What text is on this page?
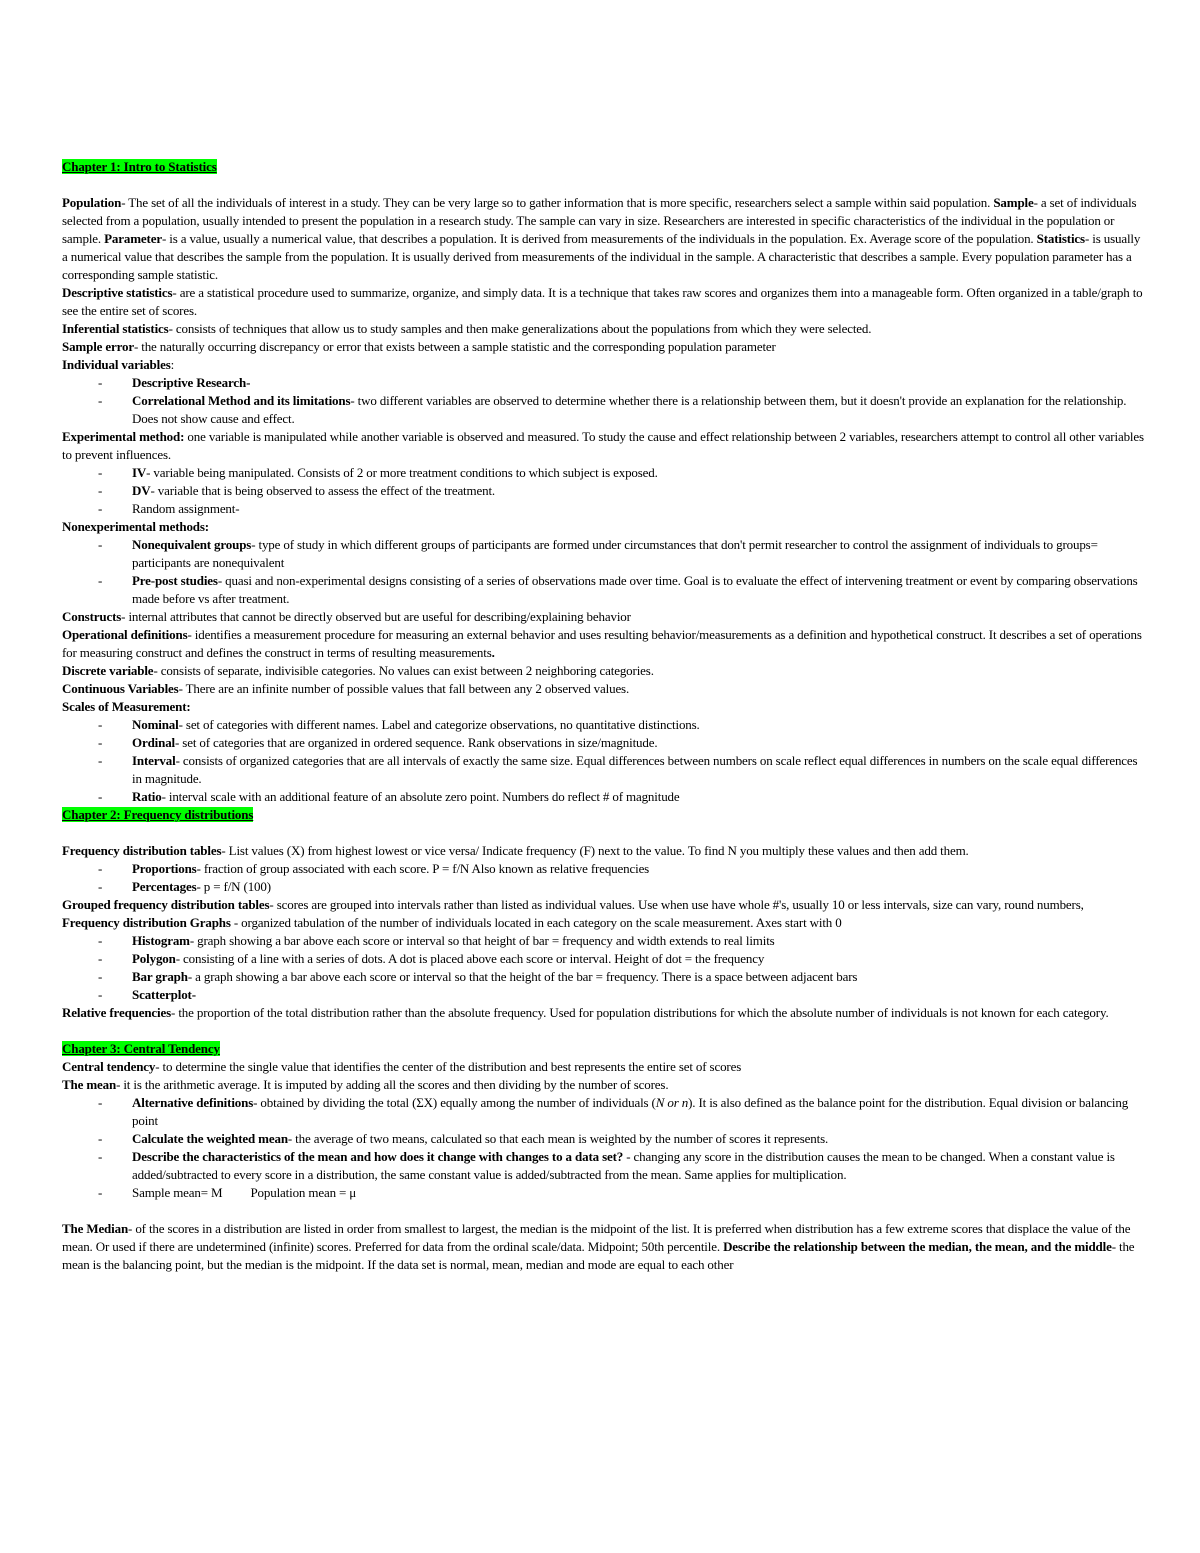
Chapter 1: Intro to Statistics

Population- The set of all the individuals of interest in a study. They can be very large so to gather information that is more specific, researchers select a sample within said population. Sample- a set of individuals selected from a population, usually intended to present the population in a research study. The sample can vary in size. Researchers are interested in specific characteristics of the individual in the population or sample. Parameter- is a value, usually a numerical value, that describes a population. It is derived from measurements of the individuals in the population. Ex. Average score of the population. Statistics- is usually a numerical value that describes the sample from the population. It is usually derived from measurements of the individual in the sample. A characteristic that describes a sample. Every population parameter has a corresponding sample statistic.

Descriptive statistics- are a statistical procedure used to summarize, organize, and simply data. It is a technique that takes raw scores and organizes them into a manageable form. Often organized in a table/graph to see the entire set of scores.

Inferential statistics- consists of techniques that allow us to study samples and then make generalizations about the populations from which they were selected.

Sample error- the naturally occurring discrepancy or error that exists between a sample statistic and the corresponding population parameter

Individual variables:

- Descriptive Research-
- Correlational Method and its limitations- two different variables are observed to determine whether there is a relationship between them, but it doesn't provide an explanation for the relationship. Does not show cause and effect.

Experimental method: one variable is manipulated while another variable is observed and measured. To study the cause and effect relationship between 2 variables, researchers attempt to control all other variables to prevent influences.

- IV- variable being manipulated. Consists of 2 or more treatment conditions to which subject is exposed.
- DV- variable that is being observed to assess the effect of the treatment.
- Random assignment-

Nonexperimental methods:

- Nonequivalent groups- type of study in which different groups of participants are formed under circumstances that don't permit researcher to control the assignment of individuals to groups= participants are nonequivalent
- Pre-post studies- quasi and non-experimental designs consisting of a series of observations made over time. Goal is to evaluate the effect of intervening treatment or event by comparing observations made before vs after treatment.

Constructs- internal attributes that cannot be directly observed but are useful for describing/explaining behavior

Operational definitions- identifies a measurement procedure for measuring an external behavior and uses resulting behavior/measurements as a definition and hypothetical construct. It describes a set of operations for measuring construct and defines the construct in terms of resulting measurements.

Discrete variable- consists of separate, indivisible categories. No values can exist between 2 neighboring categories.

Continuous Variables- There are an infinite number of possible values that fall between any 2 observed values.

Scales of Measurement:

- Nominal- set of categories with different names. Label and categorize observations, no quantitative distinctions.
- Ordinal- set of categories that are organized in ordered sequence. Rank observations in size/magnitude.
- Interval- consists of organized categories that are all intervals of exactly the same size. Equal differences between numbers on scale reflect equal differences in numbers on the scale equal differences in magnitude.
- Ratio- interval scale with an additional feature of an absolute zero point. Numbers do reflect # of magnitude

Chapter 2: Frequency distributions

Frequency distribution tables- List values (X) from highest lowest or vice versa/ Indicate frequency (F) next to the value. To find N you multiply these values and then add them.

- Proportions- fraction of group associated with each score. P = f/N Also known as relative frequencies
- Percentages- p = f/N (100)

Grouped frequency distribution tables- scores are grouped into intervals rather than listed as individual values. Use when use have whole #'s, usually 10 or less intervals, size can vary, round numbers,

Frequency distribution Graphs - organized tabulation of the number of individuals located in each category on the scale measurement. Axes start with 0

- Histogram- graph showing a bar above each score or interval so that height of bar = frequency and width extends to real limits
- Polygon- consisting of a line with a series of dots. A dot is placed above each score or interval. Height of dot = the frequency
- Bar graph- a graph showing a bar above each score or interval so that the height of the bar = frequency. There is a space between adjacent bars
- Scatterplot-

Relative frequencies- the proportion of the total distribution rather than the absolute frequency. Used for population distributions for which the absolute number of individuals is not known for each category.

Chapter 3: Central Tendency

Central tendency- to determine the single value that identifies the center of the distribution and best represents the entire set of scores

The mean- it is the arithmetic average. It is imputed by adding all the scores and then dividing by the number of scores.

- Alternative definitions- obtained by dividing the total (ΣX) equally among the number of individuals (N or n). It is also defined as the balance point for the distribution. Equal division or balancing point
- Calculate the weighted mean- the average of two means, calculated so that each mean is weighted by the number of scores it represents.
- Describe the characteristics of the mean and how does it change with changes to a data set? - changing any score in the distribution causes the mean to be changed. When a constant value is added/subtracted to every score in a distribution, the same constant value is added/subtracted from the mean. Same applies for multiplication.
- Sample mean= M Population mean = μ

The Median- of the scores in a distribution are listed in order from smallest to largest, the median is the midpoint of the list. It is preferred when distribution has a few extreme scores that displace the value of the mean. Or used if there are undetermined (infinite) scores. Preferred for data from the ordinal scale/data. Midpoint; 50th percentile. Describe the relationship between the median, the mean, and the middle- the mean is the balancing point, but the median is the midpoint. If the data set is normal, mean, median and mode are equal to each other
